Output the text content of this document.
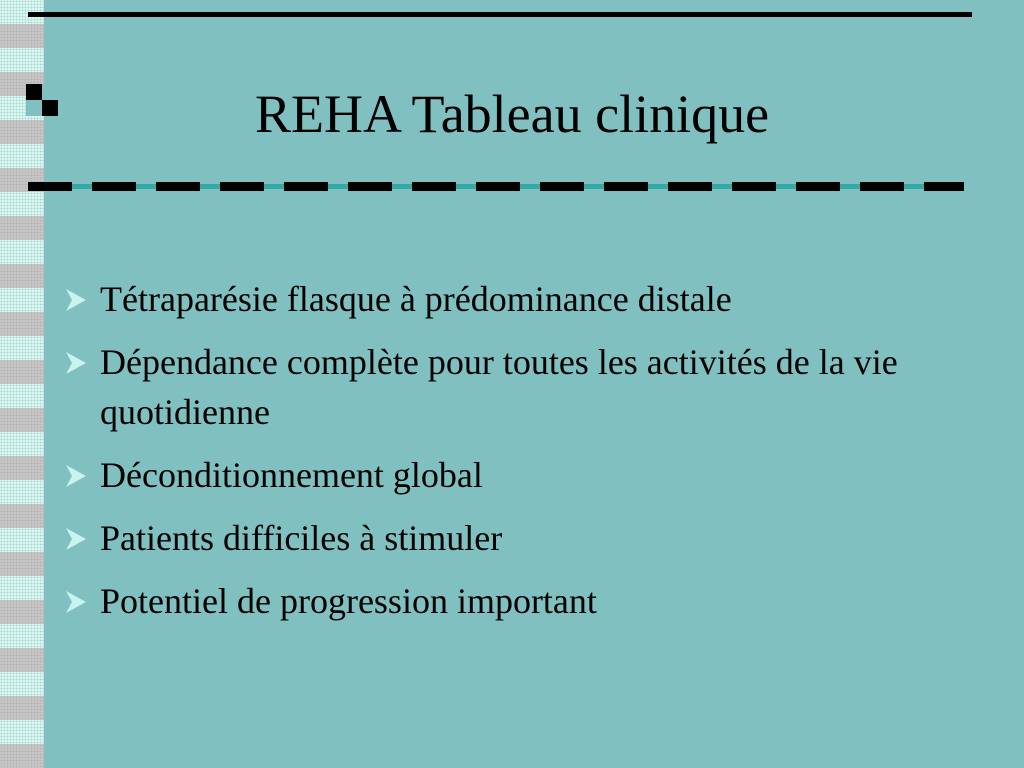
REHA Tableau clinique
Tétraparésie flasque à prédominance distale
Dépendance complète pour toutes les activités de la vie quotidienne
Déconditionnement global
Patients difficiles à stimuler
Potentiel de progression important
